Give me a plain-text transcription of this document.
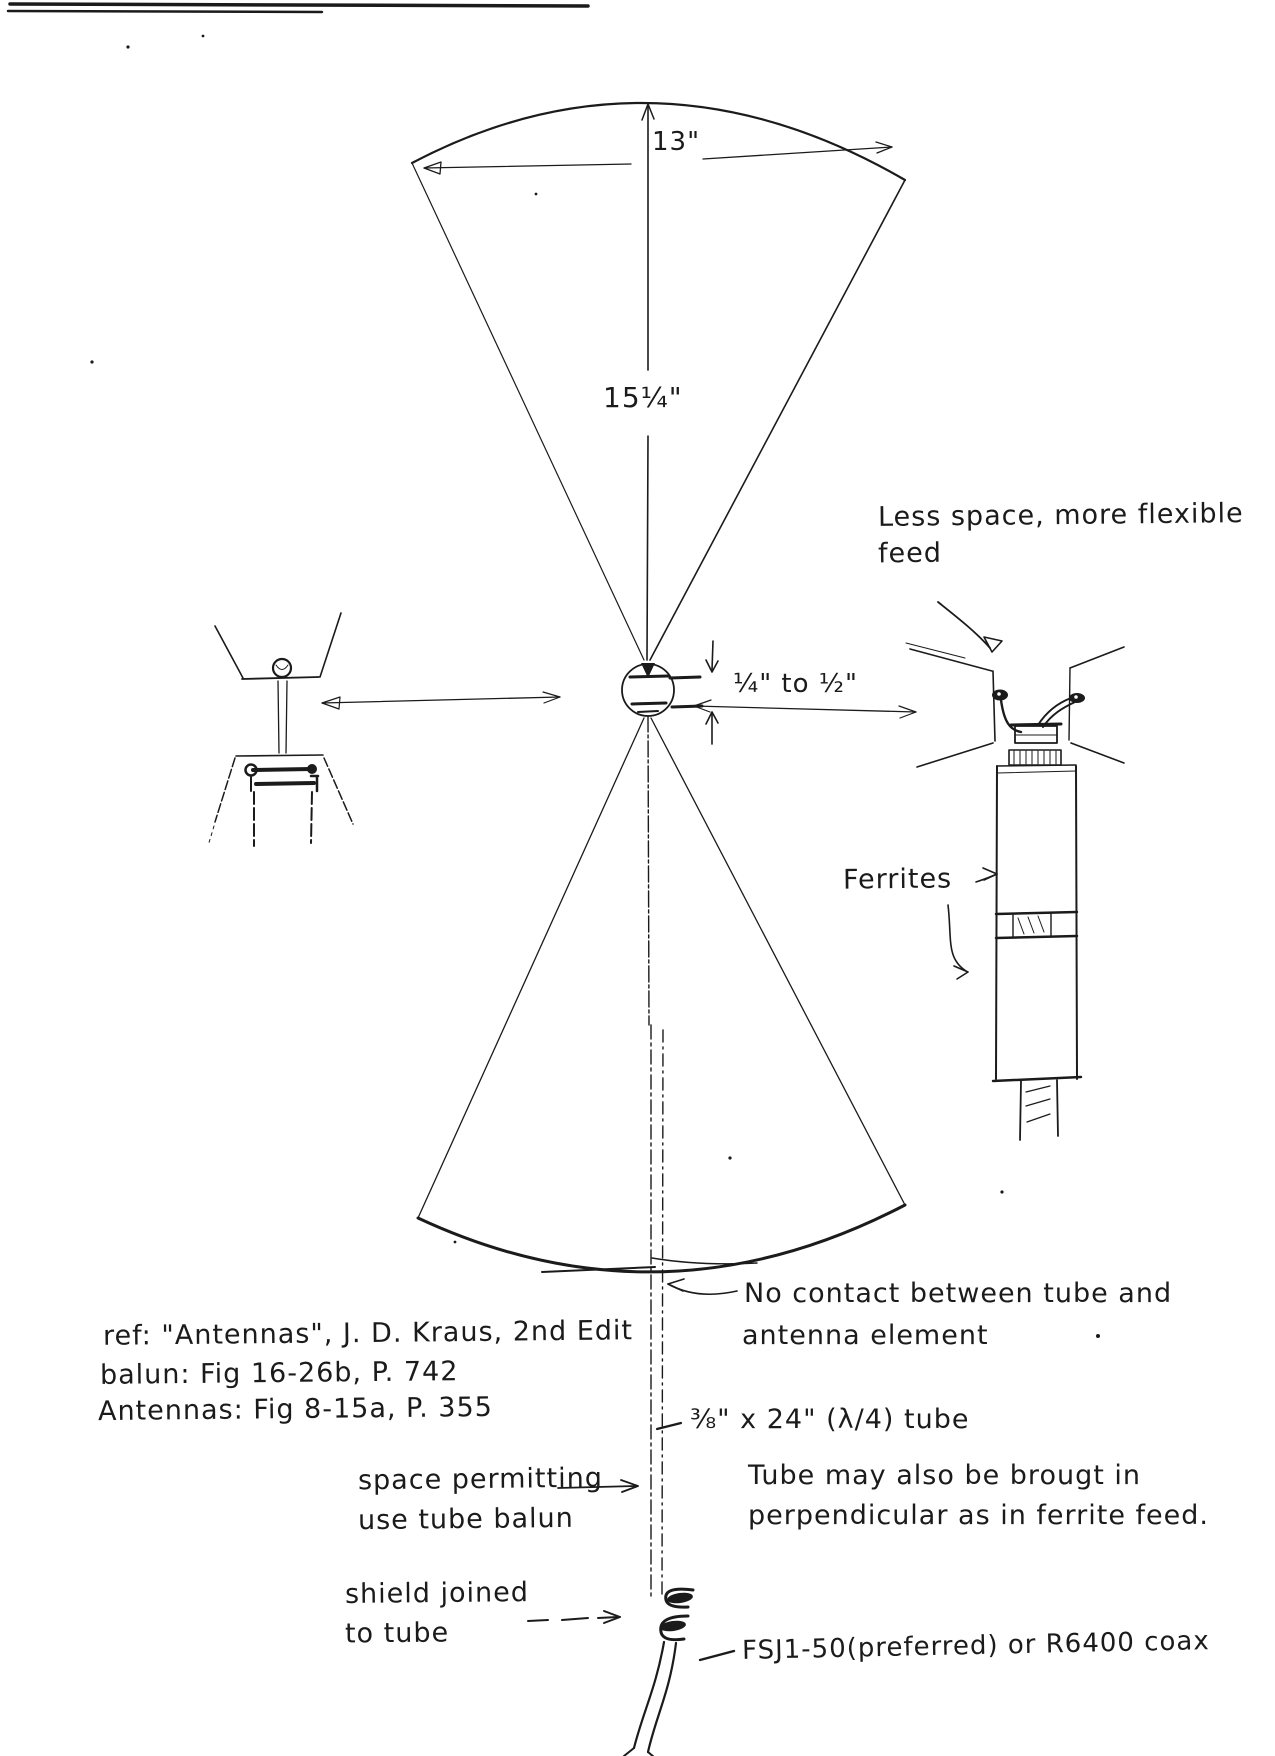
13"
15¼"
¼" to ½"
Less space, more flexible
feed
Ferrites
No contact between tube and
antenna element
ref: "Antennas", J. D. Kraus, 2nd Edit
balun: Fig 16-26b, P. 742
Antennas: Fig 8-15a, P. 355	⅜" x 24" (λ/4) tube
Tube may also be brougt in
perpendicular as in ferrite feed.
space permitting
use tube balun
shield joined
to tube	FSJ1-50(preferred) or R6400 coax
